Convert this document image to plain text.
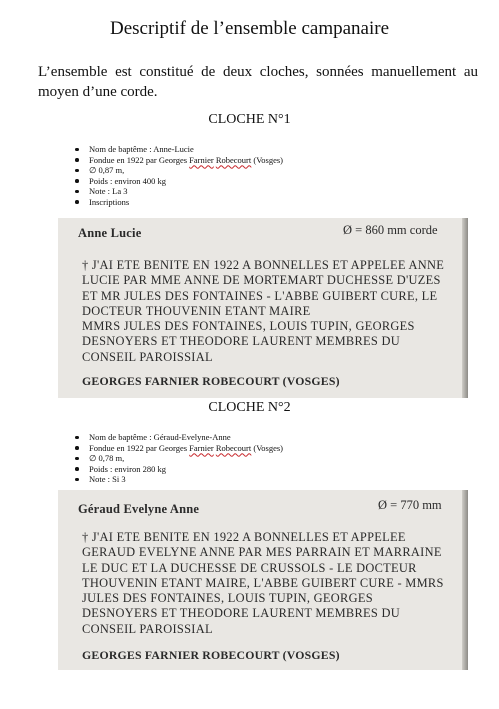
Descriptif de l’ensemble campanaire
L’ensemble est constitué de deux cloches, sonnées manuellement au moyen d’une corde.
CLOCHE N°1
Nom de baptême : Anne-Lucie
Fondue en 1922 par Georges Farnier Robecourt (Vosges)
∅ 0,87 m,
Poids : environ 400 kg
Note : La 3
Inscriptions
Anne Lucie	Ø = 860 mm corde
† J'AI ETE BENITE EN 1922 A BONNELLES ET APPELEE ANNE
LUCIE PAR MME ANNE DE MORTEMART DUCHESSE D'UZES
ET MR JULES DES FONTAINES - L'ABBE GUIBERT CURE, LE
DOCTEUR THOUVENIN ETANT MAIRE
MMRS JULES DES FONTAINES, LOUIS TUPIN, GEORGES
DESNOYERS ET THEODORE LAURENT MEMBRES DU
CONSEIL PAROISSIAL
GEORGES FARNIER ROBECOURT (VOSGES)
CLOCHE N°2
Nom de baptême : Géraud-Evelyne-Anne
Fondue en 1922 par Georges Farnier Robecourt (Vosges)
∅ 0,78 m,
Poids : environ 280 kg
Note : Si 3
Géraud Evelyne Anne	Ø = 770 mm
† J'AI ETE BENITE EN 1922 A BONNELLES ET APPELEE
GERAUD EVELYNE ANNE PAR MES PARRAIN ET MARRAINE
LE DUC ET LA DUCHESSE DE CRUSSOLS - LE DOCTEUR
THOUVENIN ETANT MAIRE, L'ABBE GUIBERT CURE - MMRS
JULES DES FONTAINES, LOUIS TUPIN, GEORGES
DESNOYERS ET THEODORE LAURENT MEMBRES DU
CONSEIL PAROISSIAL
GEORGES FARNIER ROBECOURT (VOSGES)
